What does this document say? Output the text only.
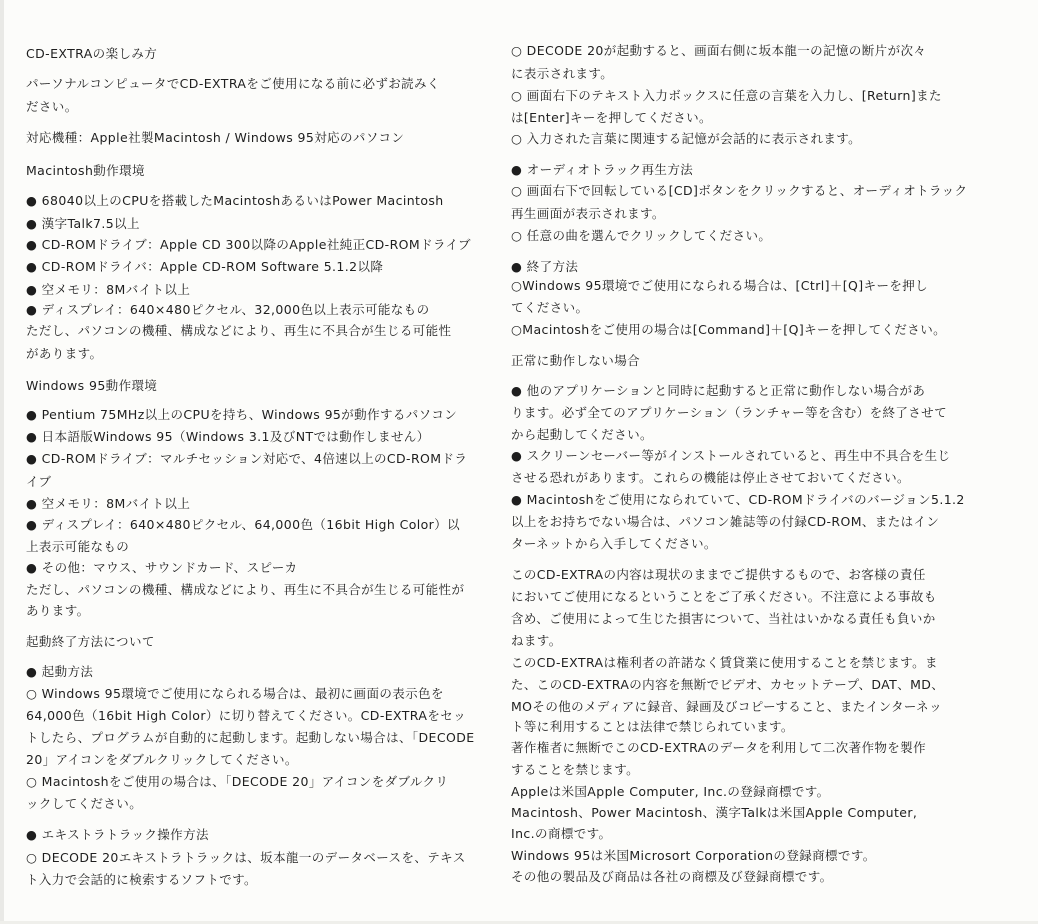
CD-EXTRAの楽しみ方
パーソナルコンピュータでCD-EXTRAをご使用になる前に必ずお読みく
ださい。
対応機種：Apple社製Macintosh / Windows 95対応のパソコン
Macintosh動作環境
● 68040以上のCPUを搭載したMacintoshあるいはPower Macintosh
● 漢字Talk7.5以上
● CD-ROMドライブ：Apple CD 300以降のApple社純正CD-ROMドライブ
● CD-ROMドライバ：Apple CD-ROM Software 5.1.2以降
● 空メモリ：8Mバイト以上
● ディスプレイ：640×480ピクセル、32,000色以上表示可能なもの
ただし、パソコンの機種、構成などにより、再生に不具合が生じる可能性
があります。
Windows 95動作環境
● Pentium 75MHz以上のCPUを持ち、Windows 95が動作するパソコン
● 日本語版Windows 95（Windows 3.1及びNTでは動作しません）
● CD-ROMドライブ：マルチセッション対応で、4倍速以上のCD-ROMドラ
イブ
● 空メモリ：8Mバイト以上
● ディスプレイ：640×480ピクセル、64,000色（16bit High Color）以
上表示可能なもの
● その他：マウス、サウンドカード、スピーカ
ただし、パソコンの機種、構成などにより、再生に不具合が生じる可能性が
あります。
起動終了方法について
● 起動方法
○ Windows 95環境でご使用になられる場合は、最初に画面の表示色を
64,000色（16bit High Color）に切り替えてください。CD-EXTRAをセッ
トしたら、プログラムが自動的に起動します。起動しない場合は、「DECODE
20」アイコンをダブルクリックしてください。
○ Macintoshをご使用の場合は、「DECODE 20」アイコンをダブルクリ
ックしてください。
● エキストラトラック操作方法
○ DECODE 20エキストラトラックは、坂本龍一のデータベースを、テキス
ト入力で会話的に検索するソフトです。
○ DECODE 20が起動すると、画面右側に坂本龍一の記憶の断片が次々
に表示されます。
○ 画面右下のテキスト入力ボックスに任意の言葉を入力し、[Return]また
は[Enter]キーを押してください。
○ 入力された言葉に関連する記憶が会話的に表示されます。
● オーディオトラック再生方法
○ 画面右下で回転している[CD]ボタンをクリックすると、オーディオトラック
再生画面が表示されます。
○ 任意の曲を選んでクリックしてください。
● 終了方法
○Windows 95環境でご使用になられる場合は、[Ctrl]＋[Q]キーを押し
てください。
○Macintoshをご使用の場合は[Command]＋[Q]キーを押してください。
正常に動作しない場合
● 他のアプリケーションと同時に起動すると正常に動作しない場合があ
ります。必ず全てのアプリケーション（ランチャー等を含む）を終了させて
から起動してください。
● スクリーンセーバー等がインストールされていると、再生中不具合を生じ
させる恐れがあります。これらの機能は停止させておいてください。
● Macintoshをご使用になられていて、CD-ROMドライバのバージョン5.1.2
以上をお持ちでない場合は、パソコン雑誌等の付録CD-ROM、またはイン
ターネットから入手してください。
このCD-EXTRAの内容は現状のままでご提供するもので、お客様の責任
においてご使用になるということをご了承ください。不注意による事故も
含め、ご使用によって生じた損害について、当社はいかなる責任も負いか
ねます。
このCD-EXTRAは権利者の許諾なく賃貸業に使用することを禁じます。ま
た、このCD-EXTRAの内容を無断でビデオ、カセットテープ、DAT、MD、
MOその他のメディアに録音、録画及びコピーすること、またインターネッ
ト等に利用することは法律で禁じられています。
著作権者に無断でこのCD-EXTRAのデータを利用して二次著作物を製作
することを禁じます。
Appleは米国Apple Computer, Inc.の登録商標です。
Macintosh、Power Macintosh、漢字Talkは米国Apple Computer,
Inc.の商標です。
Windows 95は米国Microsort Corporationの登録商標です。
その他の製品及び商品は各社の商標及び登録商標です。
